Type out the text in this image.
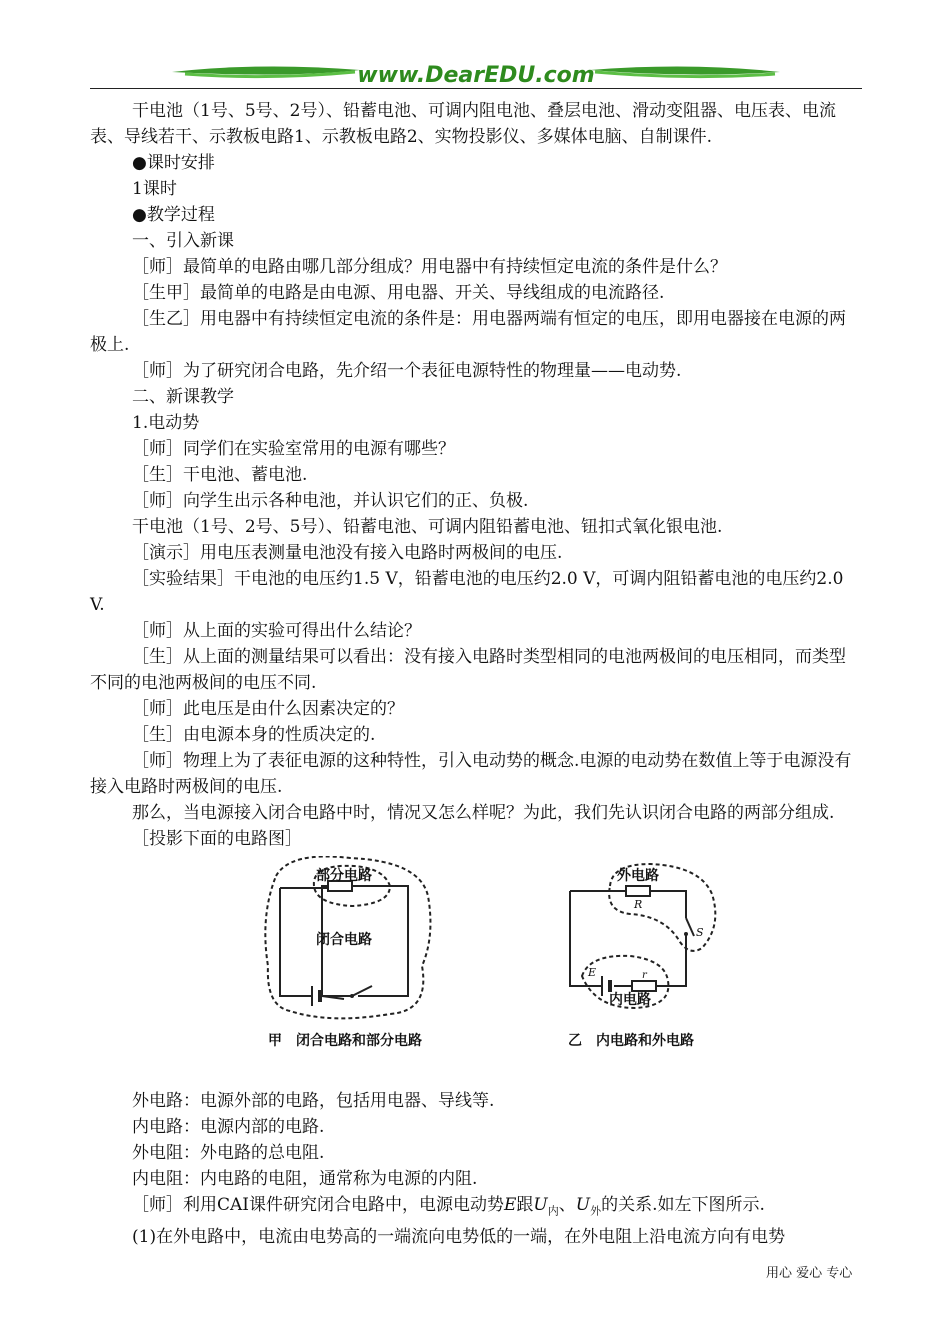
www.DearEDU.com

干电池（1号、5号、2号）、铅蓄电池、可调内阻电池、叠层电池、滑动变阻器、电压表、电流表、导线若干、示教板电路1、示教板电路2、实物投影仪、多媒体电脑、自制课件.

●课时安排

1课时

●教学过程

一、引入新课

［师］最简单的电路由哪几部分组成？用电器中有持续恒定电流的条件是什么？

［生甲］最简单的电路是由电源、用电器、开关、导线组成的电流路径.

［生乙］用电器中有持续恒定电流的条件是：用电器两端有恒定的电压，即用电器接在电源的两极上.

［师］为了研究闭合电路，先介绍一个表征电源特性的物理量——电动势.

二、新课教学

1.电动势

［师］同学们在实验室常用的电源有哪些？

［生］干电池、蓄电池.

［师］向学生出示各种电池，并认识它们的正、负极.

干电池（1号、2号、5号）、铅蓄电池、可调内阻铅蓄电池、钮扣式氧化银电池.

［演示］用电压表测量电池没有接入电路时两极间的电压.

［实验结果］干电池的电压约1.5 V，铅蓄电池的电压约2.0 V，可调内阻铅蓄电池的电压约2.0 V.

［师］从上面的实验可得出什么结论？

［生］从上面的测量结果可以看出：没有接入电路时类型相同的电池两极间的电压相同，而类型不同的电池两极间的电压不同.

［师］此电压是由什么因素决定的？

［生］由电源本身的性质决定的.

［师］物理上为了表征电源的这种特性，引入电动势的概念.电源的电动势在数值上等于电源没有接入电路时两极间的电压.

那么，当电源接入闭合电路中时，情况又怎么样呢？为此，我们先认识闭合电路的两部分组成.

［投影下面的电路图］

部分电路
闭合电路
外电路
R
S
E	r
内电路
甲　闭合电路和部分电路	乙　内电路和外电路

外电路：电源外部的电路，包括用电器、导线等.

内电路：电源内部的电路.

外电阻：外电路的总电阻.

内电阻：内电路的电阻，通常称为电源的内阻.

［师］利用CAI课件研究闭合电路中，电源电动势E跟$U_内$、$U_外$的关系.如左下图所示.

(1)在外电路中，电流由电势高的一端流向电势低的一端，在外电阻上沿电流方向有电势

用心 爱心 专心
